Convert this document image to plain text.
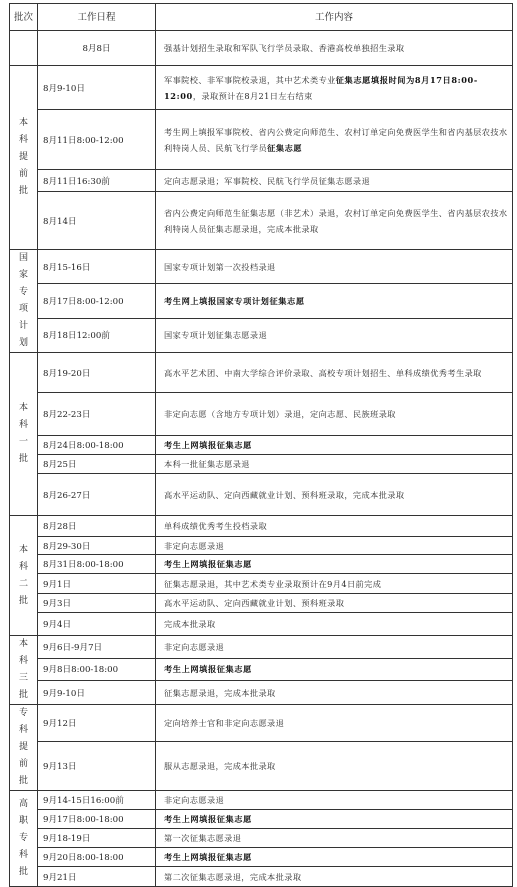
批次	工作日程	工作内容
	8月8日	强基计划招生录取和军队飞行学员录取、香港高校单独招生录取

本科提前批	8月9-10日	军事院校、非军事院校录退，其中艺术类专业征集志愿填报时间为8月17日8:00-12:00，录取预计在8月21日左右结束
	8月11日8:00-12:00	考生网上填报军事院校、省内公费定向师范生、农村订单定向免费医学生和省内基层农技水利特岗人员、民航飞行学员征集志愿
	8月11日16:30前	定向志愿录退；军事院校、民航飞行学员征集志愿录退
	8月14日	省内公费定向师范生征集志愿（非艺术）录退，农村订单定向免费医学生、省内基层农技水利特岗人员征集志愿录退，完成本批录取

国家专项计划	8月15-16日	国家专项计划第一次投档录退
	8月17日8:00-12:00	考生网上填报国家专项计划征集志愿
	8月18日12:00前	国家专项计划征集志愿录退

本科一批	8月19-20日	高水平艺术团、中南大学综合评价录取、高校专项计划招生、单科成绩优秀考生录取
	8月22-23日	非定向志愿（含地方专项计划）录退，定向志愿、民族班录取
	8月24日8:00-18:00	考生上网填报征集志愿
	8月25日	本科一批征集志愿录退
	8月26-27日	高水平运动队、定向西藏就业计划、预科班录取，完成本批录取

本科二批	8月28日	单科成绩优秀考生投档录取
	8月29-30日	非定向志愿录退
	8月31日8:00-18:00	考生上网填报征集志愿
	9月1日	征集志愿录退，其中艺术类专业录取预计在9月4日前完成
	9月3日	高水平运动队、定向西藏就业计划、预科班录取
	9月4日	完成本批录取

本科三批	9月6日-9月7日	非定向志愿录退
	9月8日8:00-18:00	考生上网填报征集志愿
	9月9-10日	征集志愿录退，完成本批录取

专科提前批	9月12日	定向培养士官和非定向志愿录退
	9月13日	服从志愿录退，完成本批录取

高职专科批	9月14-15日16:00前	非定向志愿录退
	9月17日8:00-18:00	考生上网填报征集志愿
	9月18-19日	第一次征集志愿录退
	9月20日8:00-18:00	考生上网填报征集志愿
	9月21日	第二次征集志愿录退，完成本批录取
